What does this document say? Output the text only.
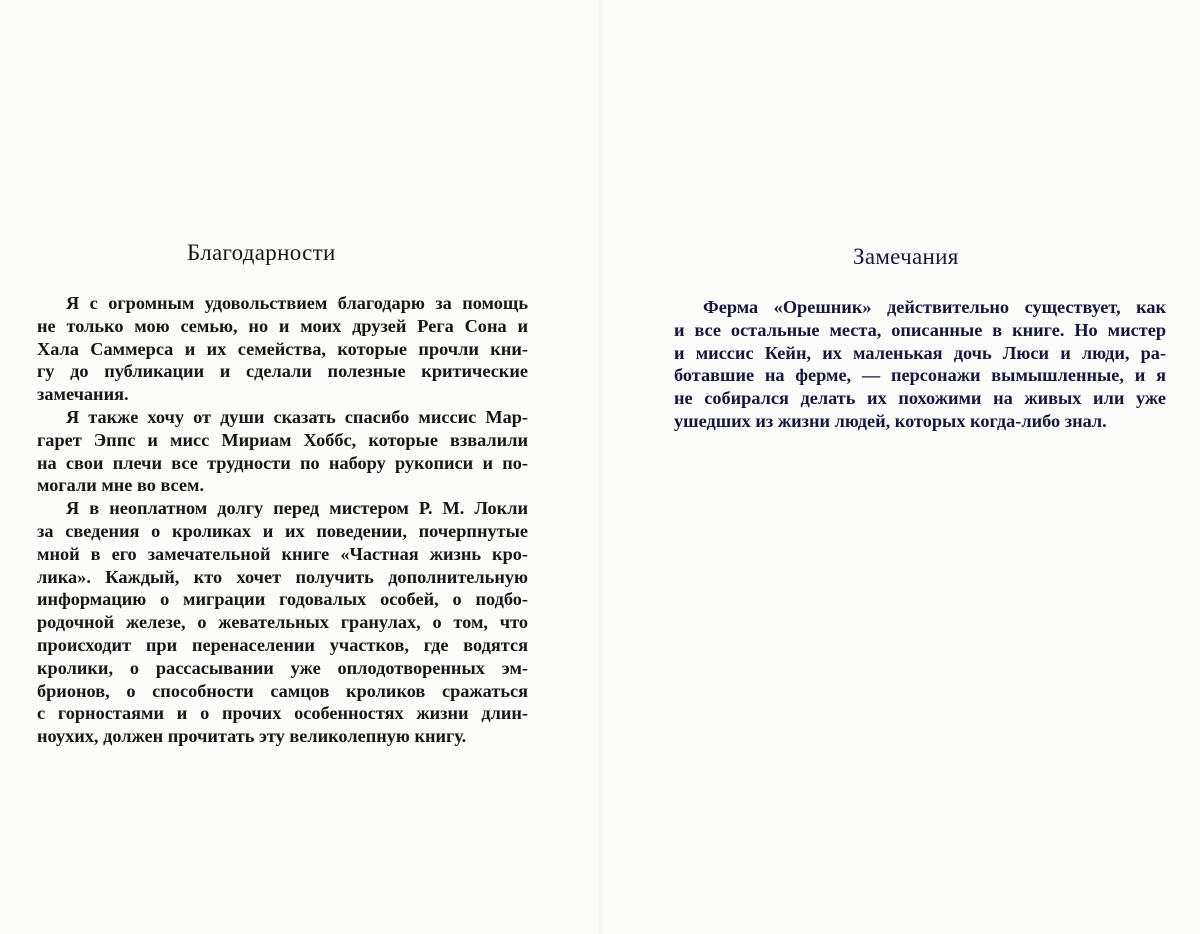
Благодарности
Я с огромным удовольствием благодарю за помощь
не только мою семью, но и моих друзей Рега Сона и
Хала Саммерса и их семейства, которые прочли кни-
гу до публикации и сделали полезные критические
замечания.
Я также хочу от души сказать спасибо миссис Мар-
гарет Эппс и мисс Мириам Хоббс, которые взвалили
на свои плечи все трудности по набору рукописи и по-
могали мне во всем.
Я в неоплатном долгу перед мистером Р. М. Локли
за сведения о кроликах и их поведении, почерпнутые
мной в его замечательной книге «Частная жизнь кро-
лика». Каждый, кто хочет получить дополнительную
информацию о миграции годовалых особей, о подбо-
родочной железе, о жевательных гранулах, о том, что
происходит при перенаселении участков, где водятся
кролики, о рассасывании уже оплодотворенных эм-
брионов, о способности самцов кроликов сражаться
с горностаями и о прочих особенностях жизни длин-
ноухих, должен прочитать эту великолепную книгу.
Замечания
Ферма «Орешник» действительно существует, как
и все остальные места, описанные в книге. Но мистер
и миссис Кейн, их маленькая дочь Люси и люди, ра-
ботавшие на ферме, — персонажи вымышленные, и я
не собирался делать их похожими на живых или уже
ушедших из жизни людей, которых когда-либо знал.
